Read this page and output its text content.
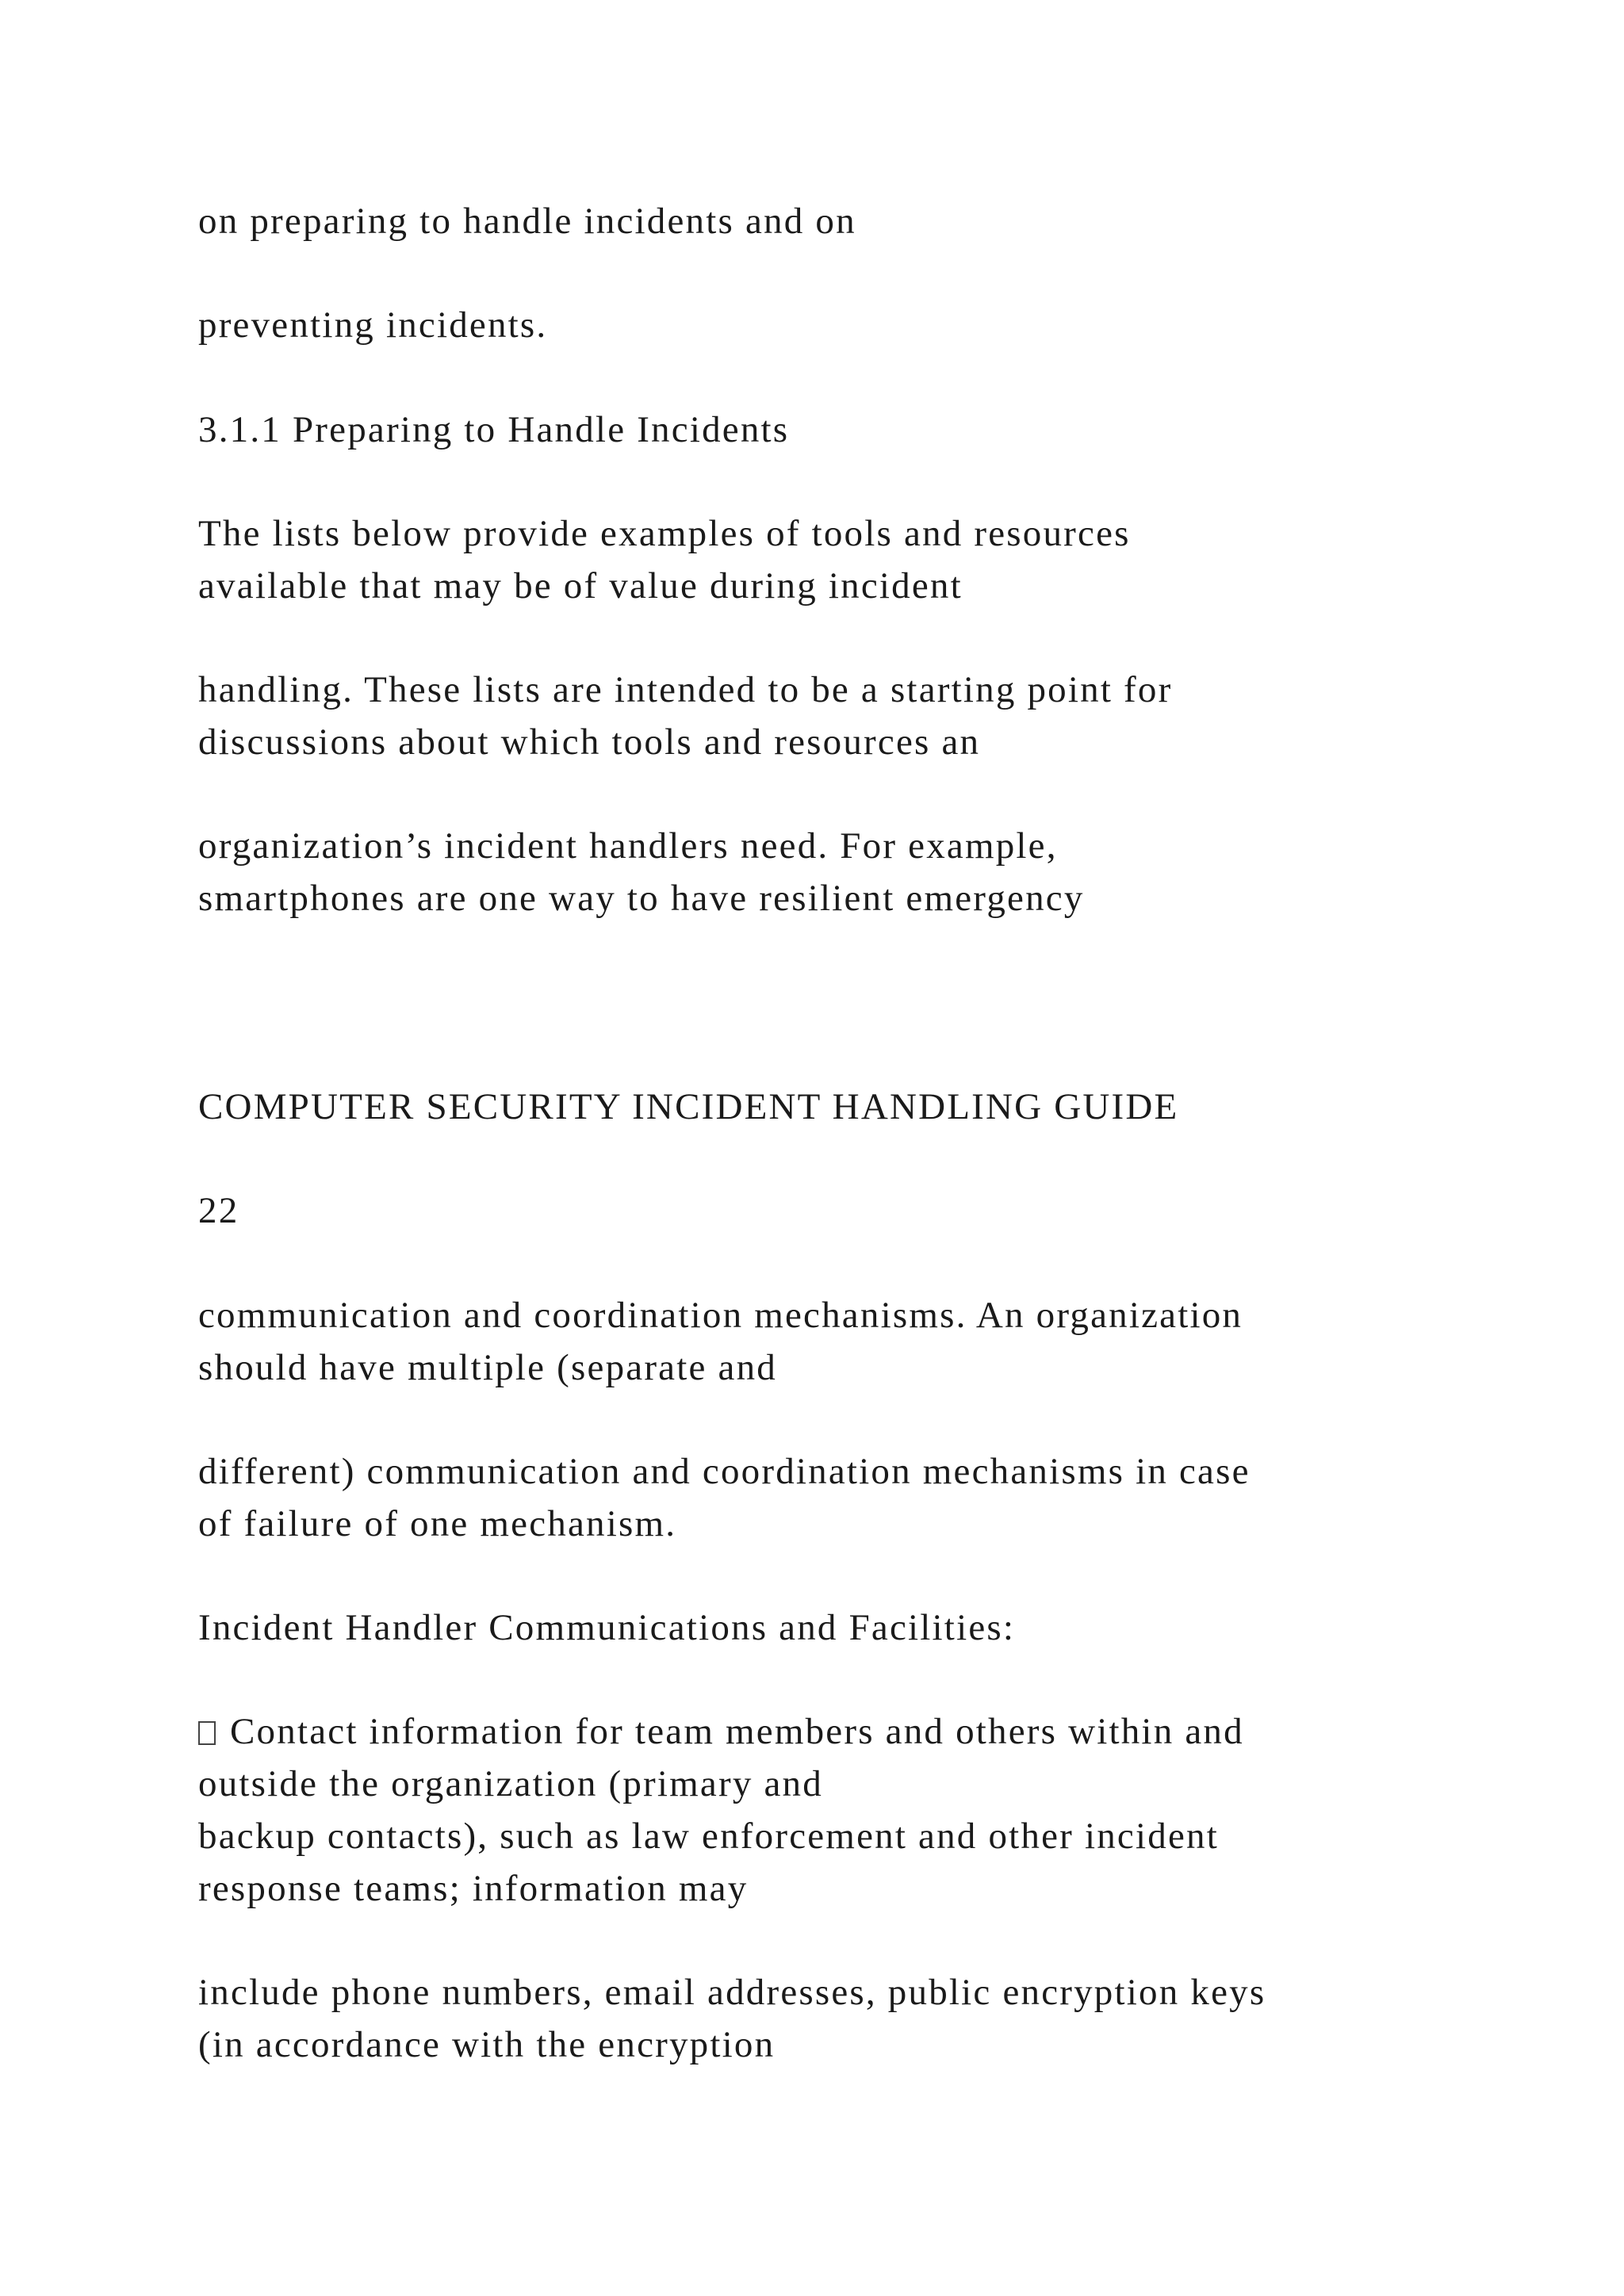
on preparing to handle incidents and on
preventing incidents.
3.1.1 Preparing to Handle Incidents
The lists below provide examples of tools and resources
available that may be of value during incident
handling. These lists are intended to be a starting point for
discussions about which tools and resources an
organization’s incident handlers need. For example,
smartphones are one way to have resilient emergency
COMPUTER SECURITY INCIDENT HANDLING GUIDE
22
communication and coordination mechanisms. An organization
should have multiple (separate and
different) communication and coordination mechanisms in case
of failure of one mechanism.
Incident Handler Communications and Facilities:
Contact information for team members and others within and
outside the organization (primary and
backup contacts), such as law enforcement and other incident
response teams; information may
include phone numbers, email addresses, public encryption keys
(in accordance with the encryption
